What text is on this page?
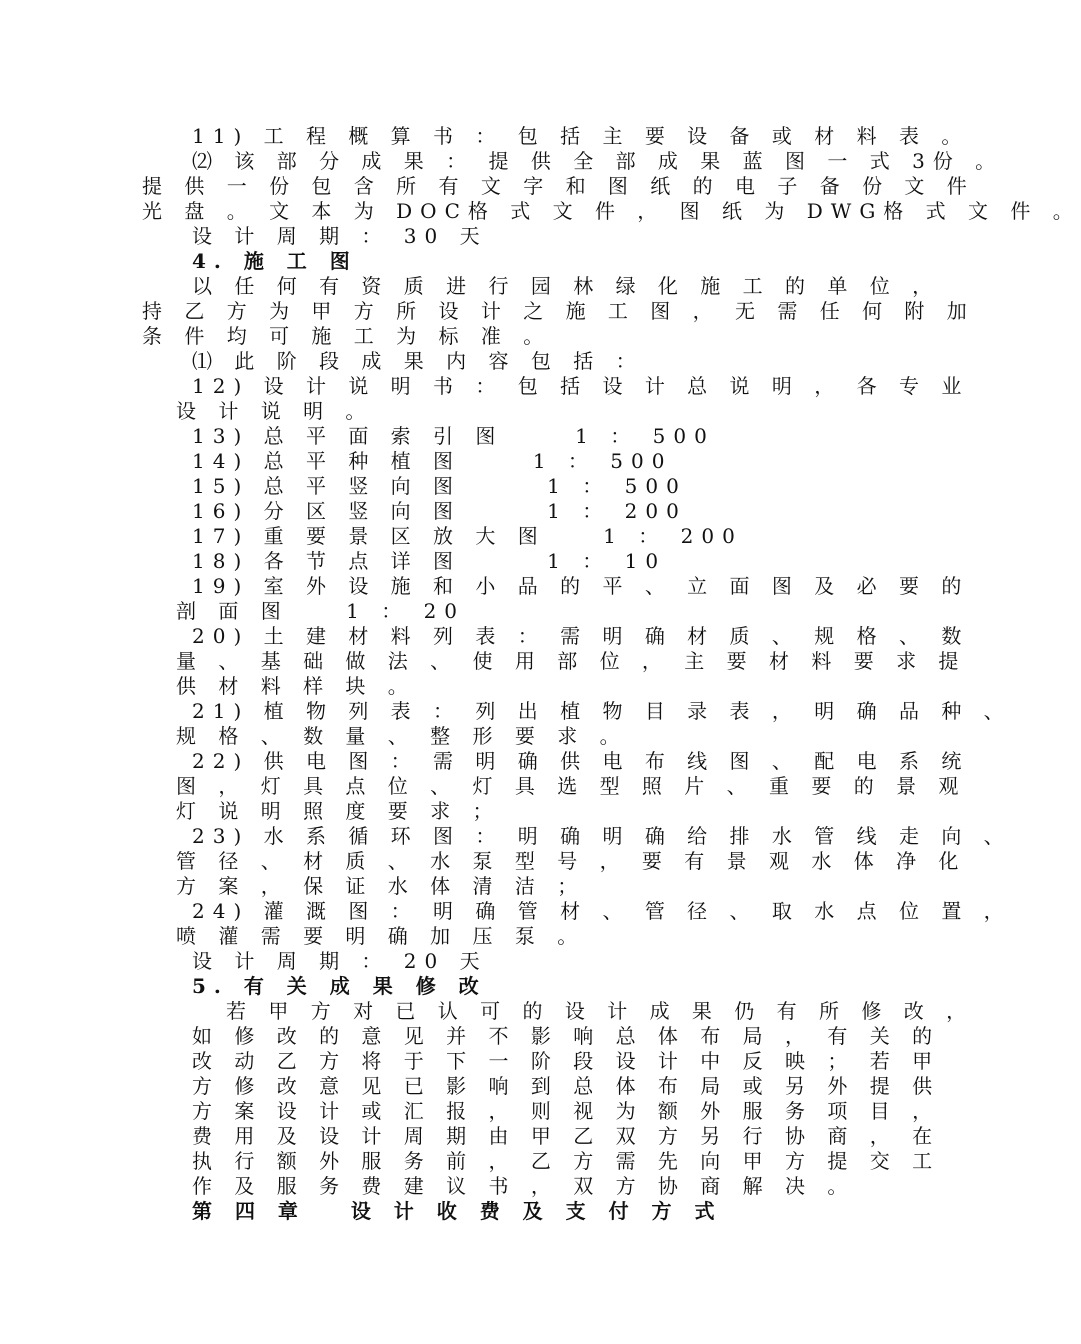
11) 工 程 概 算 书 ： 包 括 主 要 设 备 或 材 料 表 。
⑵ 该 部 分 成 果 ： 提 供 全 部 成 果 蓝 图 一 式 3份 。
提 供 一 份 包 含 所 有 文 字 和 图 纸 的 电 子 备 份 文 件
光 盘 。 文 本 为 DOC格 式 文 件 ， 图 纸 为 DWG格 式 文 件 。
设 计 周 期 ： 30 天
4. 施 工 图
以 任 何 有 资 质 进 行 园 林 绿 化 施 工 的 单 位 ，
持 乙 方 为 甲 方 所 设 计 之 施 工 图 ， 无 需 任 何 附 加
条 件 均 可 施 工 为 标 准 。
⑴ 此 阶 段 成 果 内 容 包 括 ：
12) 设 计 说 明 书 ： 包 括 设 计 总 说 明 ， 各 专 业
设 计 说 明 。
13) 总 平 面 索 引 图     1 ： 500
14) 总 平 种 植 图     1 ： 500
15) 总 平 竖 向 图      1 ： 500
16) 分 区 竖 向 图      1 ： 200
17) 重 要 景 区 放 大 图    1 ： 200
18) 各 节 点 详 图      1 ： 10
19) 室 外 设 施 和 小 品 的 平 、 立 面 图 及 必 要 的
剖 面 图    1 ： 20
20) 土 建 材 料 列 表 ： 需 明 确 材 质 、 规 格 、 数
量 、 基 础 做 法 、 使 用 部 位 ， 主 要 材 料 要 求 提
供 材 料 样 块 。
21) 植 物 列 表 ： 列 出 植 物 目 录 表 ， 明 确 品 种 、
规 格 、 数 量 、 整 形 要 求 。
22) 供 电 图 ： 需 明 确 供 电 布 线 图 、 配 电 系 统
图 ， 灯 具 点 位 、 灯 具 选 型 照 片 、 重 要 的 景 观
灯 说 明 照 度 要 求 ；
23) 水 系 循 环 图 ： 明 确 明 确 给 排 水 管 线 走 向 、
管 径 、 材 质 、 水 泵 型 号 ， 要 有 景 观 水 体 净 化
方 案 ， 保 证 水 体 清 洁 ；
24) 灌 溉 图 ： 明 确 管 材 、 管 径 、 取 水 点 位 置 ，
喷 灌 需 要 明 确 加 压 泵 。
设 计 周 期 ： 20 天
5. 有 关 成 果 修 改
若 甲 方 对 已 认 可 的 设 计 成 果 仍 有 所 修 改 ，
如 修 改 的 意 见 并 不 影 响 总 体 布 局 ， 有 关 的
改 动 乙 方 将 于 下 一 阶 段 设 计 中 反 映 ； 若 甲
方 修 改 意 见 已 影 响 到 总 体 布 局 或 另 外 提 供
方 案 设 计 或 汇 报 ， 则 视 为 额 外 服 务 项 目 ，
费 用 及 设 计 周 期 由 甲 乙 双 方 另 行 协 商 ， 在
执 行 额 外 服 务 前 ， 乙 方 需 先 向 甲 方 提 交 工
作 及 服 务 费 建 议 书 ， 双 方 协 商 解 决 。
第 四 章   设 计 收 费 及 支 付 方 式
